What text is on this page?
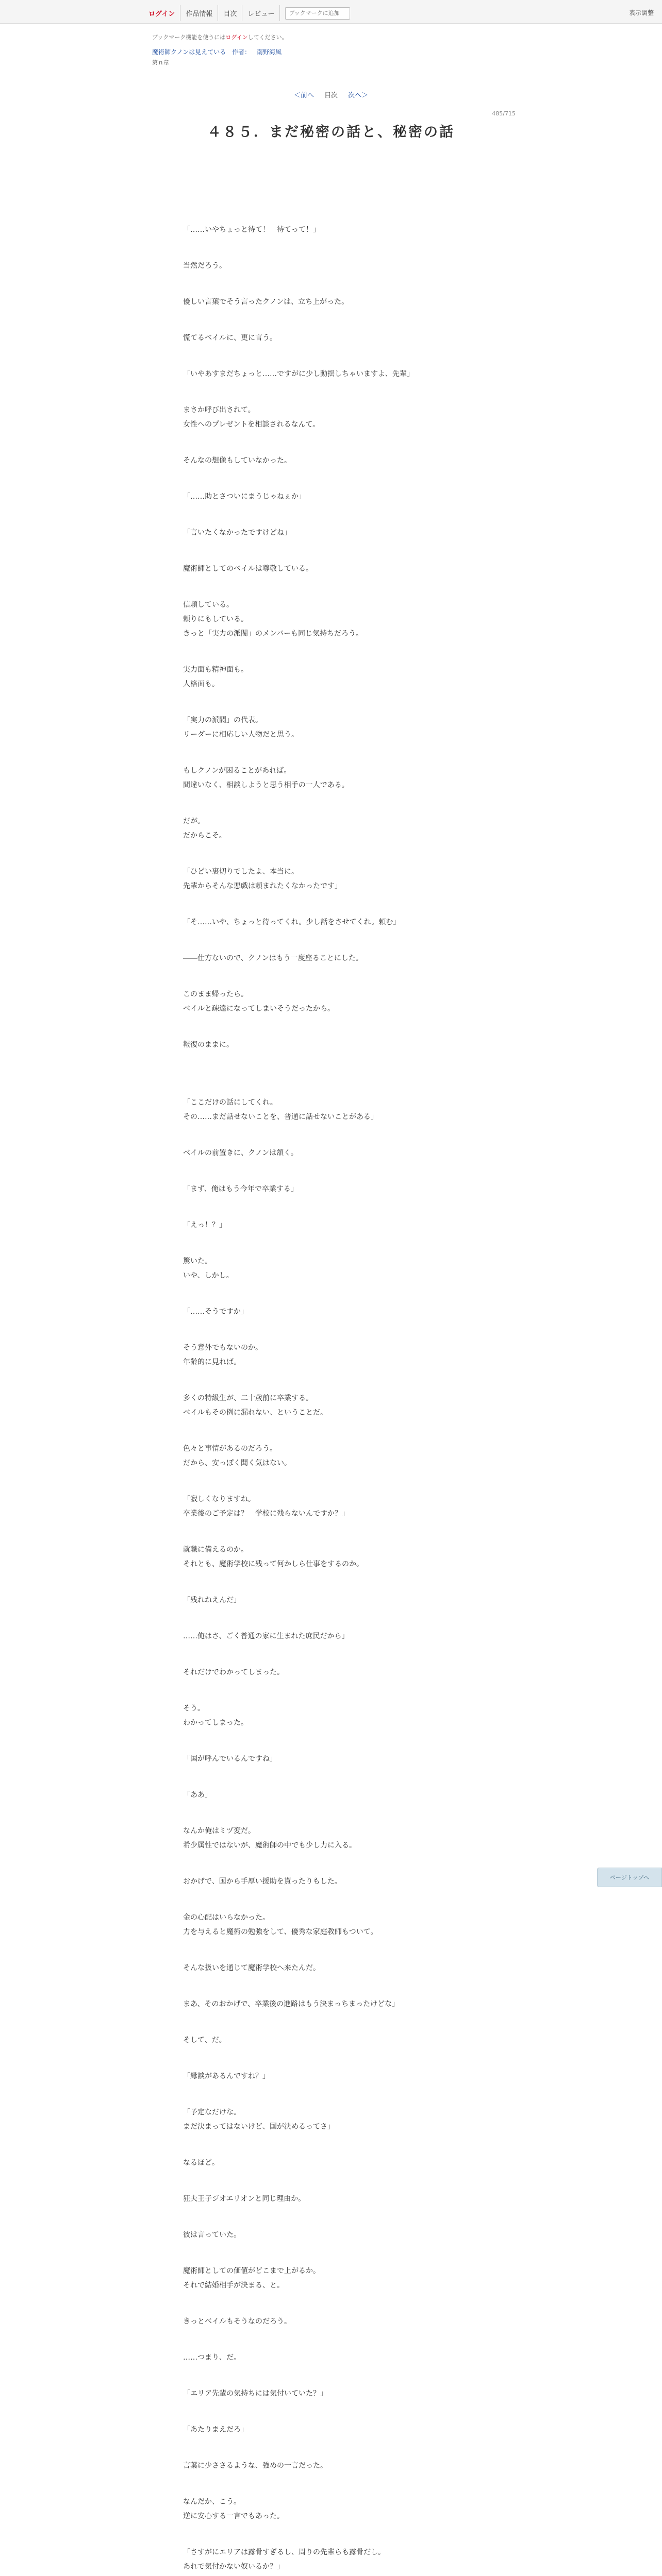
ログイン	作品情報	目次	レビュー
ブックマークに追加	表示調整
ブックマーク機能を使うにはログインしてください。
魔術師クノンは見えている 作者： 南野海風
第ｎ章
＜前へ 目次 次へ＞
485/715
４８５．まだ秘密の話と、秘密の話

「……いやちょっと待て！　待てって！」

当然だろう。

優しい言葉でそう言ったクノンは、立ち上がった。

慌てるベイルに、更に言う。

「いやあすまだちょっと……ですがに少し動揺しちゃいますよ、先輩」

まさか呼び出されて。
女性へのプレゼントを相談されるなんて。

そんなの想像もしていなかった。

「……助とさついにまうじゃねぇか」

「言いたくなかったですけどね」

魔術師としてのベイルは尊敬している。

信頼している。
頼りにもしている。
きっと「実力の派閥」のメンバーも同じ気持ちだろう。

実力面も精神面も。
人格面も。

「実力の派閥」の代表。
リーダーに相応しい人物だと思う。

もしクノンが困ることがあれば。
間違いなく、相談しようと思う相手の一人である。

だが。
だからこそ。

「ひどい裏切りでしたよ、本当に。
先輩からそんな悪戯は頼まれたくなかったです」

「そ……いや、ちょっと待ってくれ。少し話をさせてくれ。頼む」

――仕方ないので、クノンはもう一度座ることにした。

このまま帰ったら。
ベイルと疎遠になってしまいそうだったから。

報復のままに。

「ここだけの話にしてくれ。
その……まだ話せないことを、普通に話せないことがある」

ベイルの前置きに、クノンは頷く。

「まず、俺はもう今年で卒業する」

「えっ！？」

驚いた。
いや、しかし。

「……そうですか」

そう意外でもないのか。
年齢的に見れば。

多くの特級生が、二十歳前に卒業する。
ベイルもその例に漏れない、ということだ。

色々と事情があるのだろう。
だから、安っぽく聞く気はない。

「寂しくなりますね。
卒業後のご予定は？　学校に残らないんですか？」

就職に備えるのか。
それとも、魔術学校に残って何かしら仕事をするのか。

「残れねえんだ」

……俺はさ、ごく普通の家に生まれた庶民だから」

それだけでわかってしまった。

そう。
わかってしまった。

「国が呼んでいるんですね」

「ああ」

なんか俺はミヅ変だ。
希少属性ではないが、魔術師の中でも少し力に入る。

おかげで、国から手厚い援助を貰ったりもした。

金の心配はいらなかった。
力を与えると魔術の勉強をして、優秀な家庭教師もついて。

そんな扱いを通じて魔術学校へ来たんだ。

まあ、そのおかげで、卒業後の進路はもう決まっちまったけどな」

そして、だ。

「縁談があるんですね？」

「予定なだけな。
まだ決まってはないけど、国が決めるってさ」

なるほど。

狂夫王子ジオエリオンと同じ理由か。

彼は言っていた。

魔術師としての価値がどこまで上がるか。
それで結婚相手が決まる、と。

きっとベイルもそうなのだろう。

……つまり、だ。

「エリア先輩の気持ちには気付いていた？」

「あたりまえだろ」

言葉に少ささるような、強めの一言だった。

なんだか、こう。
逆に安心する一言でもあった。

「さすがにエリアは露骨すぎるし、周りの先輩らも露骨だし。
あれで気付かない奴いるか？」

ページトップへ
